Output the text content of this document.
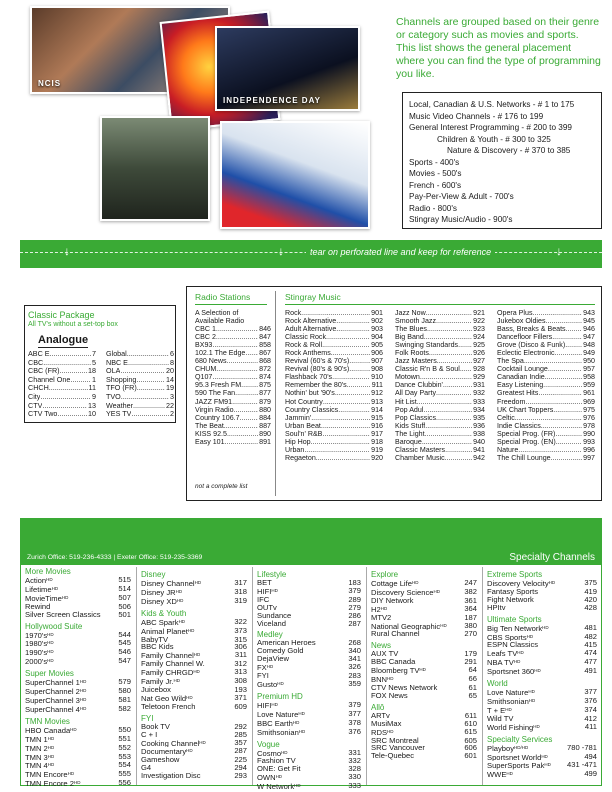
NCIS
INDEPENDENCE DAY

Channels are grouped based on their genre or category such as movies and sports. This list shows the general placement where you can find the type of programming you like.

Local, Canadian & U.S. Networks - # 1 to 175
Music Video Channels - # 176 to 199
General Interest Programming - # 200 to 399
Children & Youth - # 300 to 325
Nature & Discovery - # 370 to 385
Sports - 400's
Movies - 500's
French - 600's
Pay-Per-View & Adult - 700's
Radio - 800's
Stingray Music/Audio - 900's
↓	↓
↓	tear on perforated line and keep for reference
Classic Package
All TV's without a set-top box
Analogue
ABC E .....	7
CBC .....	5
CBC (FR) .....	18
Channel One .....	1
CHCH .....	11
City .....	9
CTV .....	13
CTV Two .....	10
Global .....	6
NBC E .....	8
OLA .....	20
Shopping .....	14
TFO (FR) .....	19
TVO .....	3
Weather .....	22
YES TV .....	2
Radio Stations	Stingray Music
A Selection of
Available Radio
CBC 1 .....	846
CBC 2 .....	847
BX93 .....	858
102.1 The Edge ..... 867
680 News .....	868
CHUM .....	872
Q107 .....	874
95.3 Fresh FM .....	875
590 The Fan .....	877
JAZZ FM91 .....	879
Virgin Radio .....	880
Country 106.7 .....	884
The Beat .....	887
KISS 92.5 .....	890
Easy 101 .....	891
Rock .....	901
Rock Alternative .....	902
Adult Alternative .....	903
Classic Rock .....	904
Rock & Roll .....	905
Rock Anthems .....	906
Revival (60's & 70's) .....	907
Revival (80's & 90's) .....	908
Flashback 70's .....	910
Remember the 80's .....	911
Nothin' but '90's .....	912
Hot Country .....	913
Country Classics .....	914
Jammin' .....	915
Urban Beat .....	916
Soul'n' R&B .....	917
Hip Hop .....	918
Urban .....	919
Regaeton .....	920
Jazz Now .....	921
Smooth Jazz .....	922
The Blues .....	923
Big Band .....	924
Swinging Standards ..... 925
Folk Roots .....	926
Jazz Masters .....	927
Classic R'n B & Soul ..... 928
Motown .....	929
Dance Clubbin' .....	931
All Day Party .....	932
Hit List .....	933
Pop Adul .....	934
Pop Classics .....	935
Kids Stuff .....	936
The Light .....	938
Baroque .....	940
Classic Masters .....	941
Chamber Music .....	942
Opera Plus .....	943
Jukebox Oldies .....	945
Bass, Breaks & Beats ..... 946
Dancefloor Fillers .....	947
Grove (Disco & Funk) .....	948
Eclectic Electronic .....	949
The Spa .....	950
Cocktail Lounge .....	957
Canadian Indie .....	958
Easy Listening .....	959
Greatest Hits .....	961
Freedom .....	969
UK Chart Toppers .....	975
Celtic .....	976
Indie Classics .....	978
Special Prog. (FR) .....	990
Special Prog. (EN) .....	993
Nature .....	996
The Chill Lounge .....	997
not a complete list
Zurich Office: 519-236-4333 | Exeter Office: 519-235-3369	Specialty Channels
More Movies
Action$^{HD}$	515
Lifetime$^{HD}$	514
MovieTime$^{HD}$	507
Rewind	506
Silver Screen Classics	501
Hollywood Suite
$1970's^{HD}$	544
$1980's^{HD}$	545
$1990's^{HD}$	546
$2000's^{HD}$	547
Super Movies
SuperChannel $1^{HD}$	579
SuperChannel $2^{HD}$	580
SuperChannel $3^{HD}$	581
SuperChannel $4^{HD}$	582
TMN Movies
HBO Canada$^{HD}$	550
TMN $1^{HD}$	551
TMN $2^{HD}$	552
TMN $3^{HD}$	553
TMN $4^{HD}$	554
TMN Encore$^{HD}$	555
TMN Encore $2^{HD}$	556
Disney
Disney Channel$^{HD}$	317
Disney $JR^{HD}$	318
Disney $XD^{HD}$	319
Kids & Youth
ABC Spark$^{HD}$	322
Animal Planet$^{HD}$	373
BabyTV	315
BBC Kids	306
Family Channel$^{HD}$	311
Family Channel W.	312
Family $CHRGD^{HD}$	313
Family Jr.$^{HD}$	308
Juicebox	193
Nat Geo Wild$^{HD}$	371
Teletoon French	609
FYI
Book TV	292
C + I	285
Cooking Channel$^{HD}$	357
Documentary$^{HD}$	287
Gameshow	225
G4	294
Investigation Disc	293
Lifestyle
BET	183
$HIFI^{HD}$	379
IFC	289
OUTv	279
Sundance	286
Viceland	287
Medley
American Heroes	268
Comedy Gold	340
DejaView	341
$FX^{HD}$	326
FYI	283
Gusto$^{HD}$	359
Premium HD
$HIFI^{HD}$	379
Love Nature$^{HD}$	377
BBC Earth$^{HD}$	378
Smithsonian$^{HD}$	376
Vogue
Cosmo$^{HD}$	331
Fashion TV	332
ONE: Get Fit	328
$OWN^{HD}$	330
W Network$^{HD}$	333
Explore
Cottage Life$^{HD}$	247
Discovery Science$^{HD}$	382
DIY Network	361
$H2^{HD}$	364
MTV2	187
National Geographic$^{HD}$	380
Rural Channel	270
News
AUX TV	179
BBC Canada	291
Bloomberg $TV^{HD}$	64
$BNN^{HD}$	66
CTV News Network	61
FOX News	65
Allô
ARTv	611
MusiMax	610
$RDS^{HD}$	615
SRC Montreal	605
SRC Vancouver	606
Tele-Quebec	601
Extreme Sports
Discovery Velocity$^{HD}$	375
Fantasy Sports	419
Fight Network	420
HPItv	428
Ultimate Sports
Big Ten Network$^{HD}$	481
CBS Sports$^{HD}$	482
ESPN Classics	415
Leafs $TV^{HD}$	474
NBA $TV^{HD}$	477
Sportsnet $360^{HD}$	491
World
Love Nature$^{HD}$	377
Smithsonian$^{HD}$	376
$T + E^{HD}$	374
Wild TV	412
World Fishing$^{HD}$	411
Specialty Services
Playboy$^{HD/HD}$	780 -781
Sportsnet World$^{HD}$	494
SuperSports Pak$^{HD}$	431 -471
$WWE^{HD}$	499
